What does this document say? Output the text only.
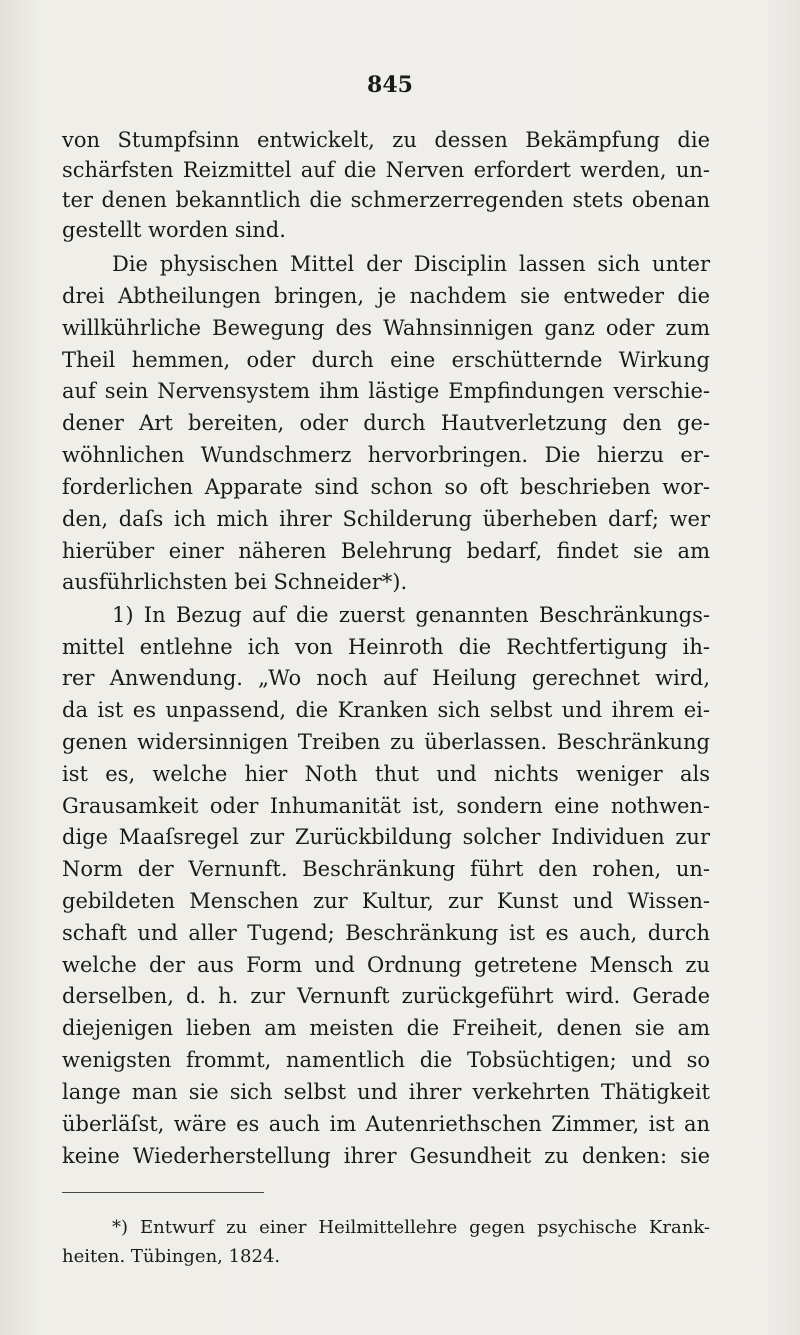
845
von Stumpfsinn entwickelt, zu dessen Bekämpfung die
schärfsten Reizmittel auf die Nerven erfordert werden, un-
ter denen bekanntlich die schmerzerregenden stets obenan
gestellt worden sind.
Die physischen Mittel der Disciplin lassen sich unter
drei Abtheilungen bringen, je nachdem sie entweder die
willkührliche Bewegung des Wahnsinnigen ganz oder zum
Theil hemmen, oder durch eine erschütternde Wirkung
auf sein Nervensystem ihm lästige Empfindungen verschie-
dener Art bereiten, oder durch Hautverletzung den ge-
wöhnlichen Wundschmerz hervorbringen. Die hierzu er-
forderlichen Apparate sind schon so oft beschrieben wor-
den, daſs ich mich ihrer Schilderung überheben darf; wer
hierüber einer näheren Belehrung bedarf, findet sie am
ausführlichsten bei Schneider*).
1) In Bezug auf die zuerst genannten Beschränkungs-
mittel entlehne ich von Heinroth die Rechtfertigung ih-
rer Anwendung. „Wo noch auf Heilung gerechnet wird,
da ist es unpassend, die Kranken sich selbst und ihrem ei-
genen widersinnigen Treiben zu überlassen. Beschränkung
ist es, welche hier Noth thut und nichts weniger als
Grausamkeit oder Inhumanität ist, sondern eine nothwen-
dige Maaſsregel zur Zurückbildung solcher Individuen zur
Norm der Vernunft. Beschränkung führt den rohen, un-
gebildeten Menschen zur Kultur, zur Kunst und Wissen-
schaft und aller Tugend; Beschränkung ist es auch, durch
welche der aus Form und Ordnung getretene Mensch zu
derselben, d. h. zur Vernunft zurückgeführt wird. Gerade
diejenigen lieben am meisten die Freiheit, denen sie am
wenigsten frommt, namentlich die Tobsüchtigen; und so
lange man sie sich selbst und ihrer verkehrten Thätigkeit
überläſst, wäre es auch im Autenriethschen Zimmer, ist an
keine Wiederherstellung ihrer Gesundheit zu denken: sie
*) Entwurf zu einer Heilmittellehre gegen psychische Krank-
heiten. Tübingen, 1824.
